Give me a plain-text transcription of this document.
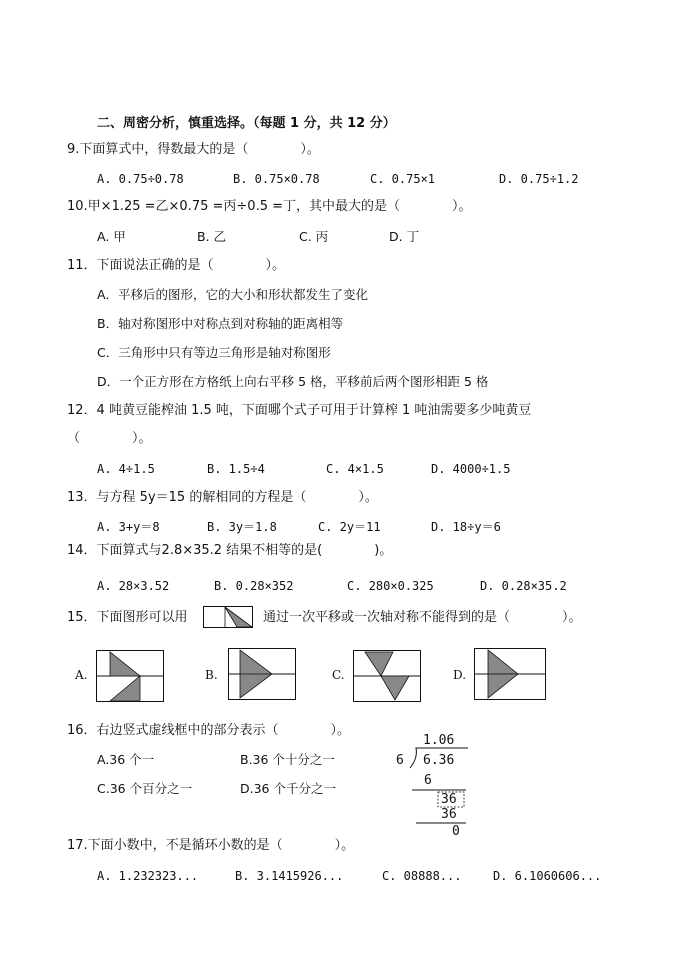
二、周密分析，慎重选择。（每题 1 分，共 12 分）
9.下面算式中，得数最大的是（　　　　）。
A. 0.75÷0.78	B. 0.75×0.78	C. 0.75×1	D. 0.75÷1.2
10.甲×1.25 =乙×0.75 =丙÷0.5 =丁，其中最大的是（　　　　）。
A. 甲	B. 乙	C. 丙	D. 丁
11．下面说法正确的是（　　　　）。
A．平移后的图形，它的大小和形状都发生了变化
B．轴对称图形中对称点到对称轴的距离相等
C．三角形中只有等边三角形是轴对称图形
D．一个正方形在方格纸上向右平移 5 格，平移前后两个图形相距 5 格
12．4 吨黄豆能榨油 1.5 吨，下面哪个式子可用于计算榨 1 吨油需要多少吨黄豆
（　　　　）。
A. 4÷1.5	B. 1.5÷4	C. 4×1.5	D. 4000÷1.5
13．与方程 5y＝15 的解相同的方程是（　　　　）。
A. 3+y＝8	B. 3y＝1.8	C. 2y＝11	D. 18÷y＝6
14．下面算式与2.8×35.2 结果不相等的是(　　　　)。
A. 28×3.52	B. 0.28×352	C. 280×0.325	D. 0.28×35.2
15．下面图形可以用	通过一次平移或一次轴对称不能得到的是（　　　　）。
A.	B.	C.	D.
16．右边竖式虚线框中的部分表示（　　　　）。
A.36 个一	B.36 个十分之一
C.36 个百分之一	D.36 个千分之一
1.06
6 6.36
6
36
36
0
17.下面小数中，不是循环小数的是（　　　　）。
A. 1.232323...	B. 3.1415926...	C. 08888...	D. 6.1060606...
